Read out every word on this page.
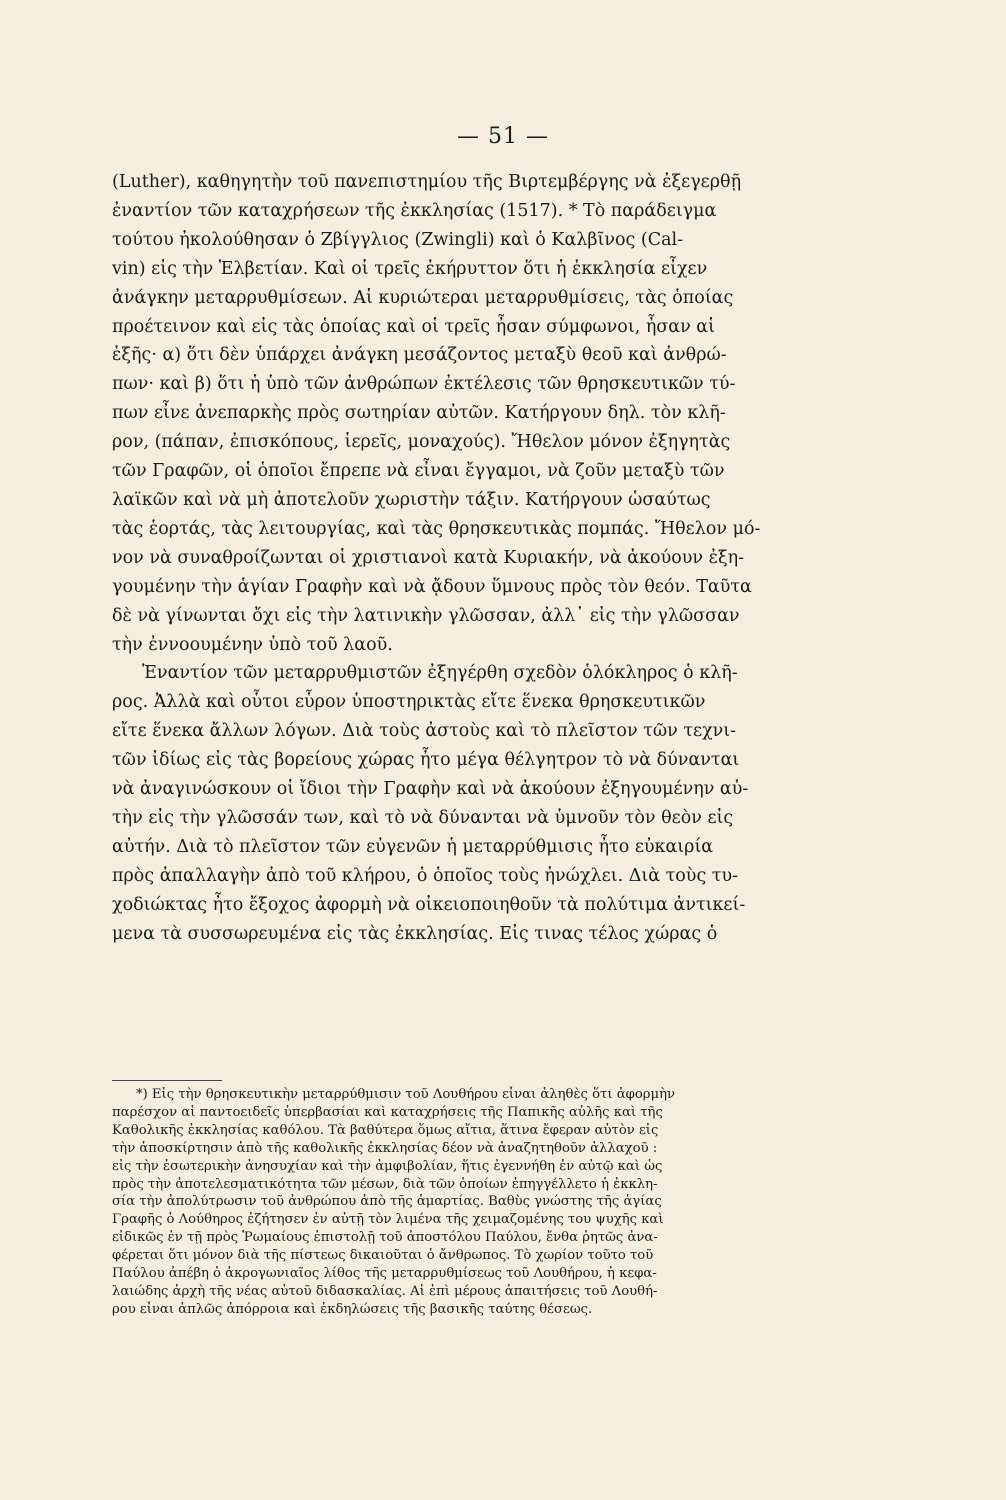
— 51 —
(Luther), καθηγητὴν τοῦ πανεπιστημίου τῆς Βιρτεμβέργης νὰ ἐξεγερθῇ
ἐναντίον τῶν καταχρήσεων τῆς ἐκκλησίας (1517). * Τὸ παράδειγμα
τούτου ἠκολούθησαν ὁ Ζβίγγλιος (Zwingli) καὶ ὁ Καλβῖνος (Cal-
vin) εἰς τὴν Ἑλβετίαν. Καὶ οἱ τρεῖς ἐκήρυττον ὅτι ἡ ἐκκλησία εἶχεν
ἀνάγκην μεταρρυθμίσεων. Αἱ κυριώτεραι μεταρρυθμίσεις, τὰς ὁποίας
προέτεινον καὶ εἰς τὰς ὁποίας καὶ οἱ τρεῖς ἦσαν σύμφωνοι, ἦσαν αἱ
ἑξῆς· α) ὅτι δὲν ὑπάρχει ἀνάγκη μεσάζοντος μεταξὺ θεοῦ καὶ ἀνθρώ-
πων· καὶ β) ὅτι ἡ ὑπὸ τῶν ἀνθρώπων ἐκτέλεσις τῶν θρησκευτικῶν τύ-
πων εἶνε ἀνεπαρκὴς πρὸς σωτηρίαν αὐτῶν. Κατήργουν δηλ. τὸν κλῆ-
ρον, (πάπαν, ἐπισκόπους, ἱερεῖς, μοναχούς). Ἤθελον μόνον ἐξηγητὰς
τῶν Γραφῶν, οἱ ὁποῖοι ἔπρεπε νὰ εἶναι ἔγγαμοι, νὰ ζοῦν μεταξὺ τῶν
λαϊκῶν καὶ νὰ μὴ ἀποτελοῦν χωριστὴν τάξιν. Κατήργουν ὡσαύτως
τὰς ἑορτάς, τὰς λειτουργίας, καὶ τὰς θρησκευτικὰς πομπάς. Ἤθελον μό-
νον νὰ συναθροίζωνται οἱ χριστιανοὶ κατὰ Κυριακήν, νὰ ἀκούουν ἐξη-
γουμένην τὴν ἁγίαν Γραφὴν καὶ νὰ ᾄδουν ὕμνους πρὸς τὸν θεόν. Ταῦτα
δὲ νὰ γίνωνται ὄχι εἰς τὴν λατινικὴν γλῶσσαν, ἀλλ᾽ εἰς τὴν γλῶσσαν
τὴν ἐννοουμένην ὑπὸ τοῦ λαοῦ.
Ἐναντίον τῶν μεταρρυθμιστῶν ἐξηγέρθη σχεδὸν ὁλόκληρος ὁ κλῆ-
ρος. Ἀλλὰ καὶ οὗτοι εὗρον ὑποστηρικτὰς εἴτε ἕνεκα θρησκευτικῶν
εἴτε ἕνεκα ἄλλων λόγων. Διὰ τοὺς ἀστοὺς καὶ τὸ πλεῖστον τῶν τεχνι-
τῶν ἰδίως εἰς τὰς βορείους χώρας ἦτο μέγα θέλγητρον τὸ νὰ δύνανται
νὰ ἀναγινώσκουν οἱ ἴδιοι τὴν Γραφὴν καὶ νὰ ἀκούουν ἐξηγουμένην αὐ-
τὴν εἰς τὴν γλῶσσάν των, καὶ τὸ νὰ δύνανται νὰ ὑμνοῦν τὸν θεὸν εἰς
αὐτήν. Διὰ τὸ πλεῖστον τῶν εὐγενῶν ἡ μεταρρύθμισις ἦτο εὐκαιρία
πρὸς ἀπαλλαγὴν ἀπὸ τοῦ κλήρου, ὁ ὁποῖος τοὺς ἠνώχλει. Διὰ τοὺς τυ-
χοδιώκτας ἦτο ἔξοχος ἀφορμὴ νὰ οἰκειοποιηθοῦν τὰ πολύτιμα ἀντικεί-
μενα τὰ συσσωρευμένα εἰς τὰς ἐκκλησίας. Εἰς τινας τέλος χώρας ὁ
*) Εἰς τὴν θρησκευτικὴν μεταρρύθμισιν τοῦ Λουθήρου εἶναι ἀληθὲς ὅτι ἀφορμὴν
παρέσχον αἱ παντοειδεῖς ὑπερβασίαι καὶ καταχρήσεις τῆς Παπικῆς αὐλῆς καὶ τῆς
Καθολικῆς ἐκκλησίας καθόλου. Τὰ βαθύτερα ὅμως αἴτια, ἅτινα ἔφεραν αὐτὸν εἰς
τὴν ἀποσκίρτησιν ἀπὸ τῆς καθολικῆς ἐκκλησίας δέον νὰ ἀναζητηθοῦν ἀλλαχοῦ :
εἰς τὴν ἐσωτερικὴν ἀνησυχίαν καὶ τὴν ἀμφιβολίαν, ἥτις ἐγεννήθη ἐν αὐτῷ καὶ ὡς
πρὸς τὴν ἀποτελεσματικότητα τῶν μέσων, διὰ τῶν ὁποίων ἐπηγγέλλετο ἡ ἐκκλη-
σία τὴν ἀπολύτρωσιν τοῦ ἀνθρώπου ἀπὸ τῆς ἁμαρτίας. Βαθὺς γνώστης τῆς ἁγίας
Γραφῆς ὁ Λούθηρος ἐζήτησεν ἐν αὐτῇ τὸν λιμένα τῆς χειμαζομένης του ψυχῆς καὶ
εἰδικῶς ἐν τῇ πρὸς Ῥωμαίους ἐπιστολῇ τοῦ ἀποστόλου Παύλου, ἔνθα ῥητῶς ἀνα-
φέρεται ὅτι μόνον διὰ τῆς πίστεως δικαιοῦται ὁ ἄνθρωπος. Τὸ χωρίον τοῦτο τοῦ
Παύλου ἀπέβη ὁ ἀκρογωνιαῖος λίθος τῆς μεταρρυθμίσεως τοῦ Λουθήρου, ἡ κεφα-
λαιώδης ἀρχὴ τῆς νέας αὐτοῦ διδασκαλίας. Αἱ ἐπὶ μέρους ἀπαιτήσεις τοῦ Λουθή-
ρου εἶναι ἁπλῶς ἀπόρροια καὶ ἐκδηλώσεις τῆς βασικῆς ταύτης θέσεως.
